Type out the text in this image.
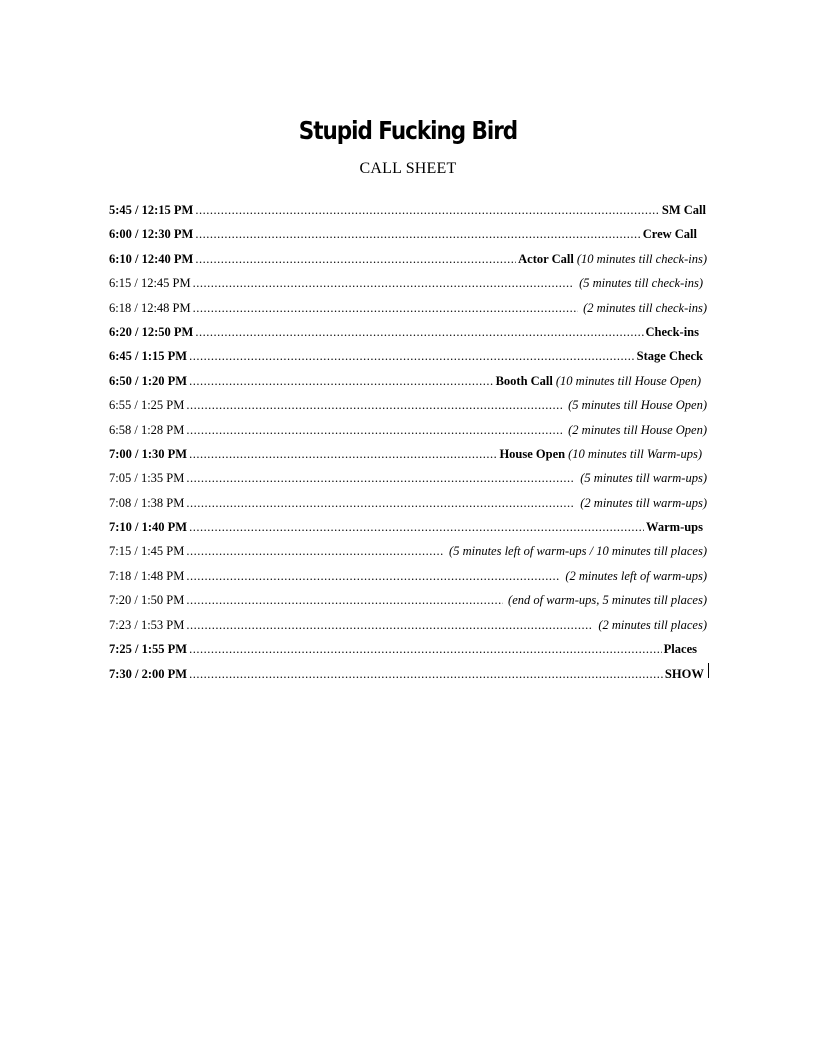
Stupid Fucking Bird
CALL SHEET
5:45 / 12:15 PM .....	SM Call
6:00 / 12:30 PM .....	Crew Call
6:10 / 12:40 PM .....	Actor Call (10 minutes till check-ins)
6:15 / 12:45 PM .....	(5 minutes till check-ins)
6:18 / 12:48 PM .....	(2 minutes till check-ins)
6:20 / 12:50 PM .....	Check-ins
6:45 / 1:15 PM .....	Stage Check
6:50 / 1:20 PM .....	Booth Call (10 minutes till House Open)
6:55 / 1:25 PM .....	(5 minutes till House Open)
6:58 / 1:28 PM .....	(2 minutes till House Open)
7:00 / 1:30 PM .....	House Open (10 minutes till Warm-ups)
7:05 / 1:35 PM .....	(5 minutes till warm-ups)
7:08 / 1:38 PM .....	(2 minutes till warm-ups)
7:10 / 1:40 PM .....	Warm-ups
7:15 / 1:45 PM .....	(5 minutes left of warm-ups / 10 minutes till places)
7:18 / 1:48 PM .....	(2 minutes left of warm-ups)
7:20 / 1:50 PM .....	(end of warm-ups, 5 minutes till places)
7:23 / 1:53 PM .....	(2 minutes till places)
7:25 / 1:55 PM .....	Places
7:30 / 2:00 PM .....	SHOW
